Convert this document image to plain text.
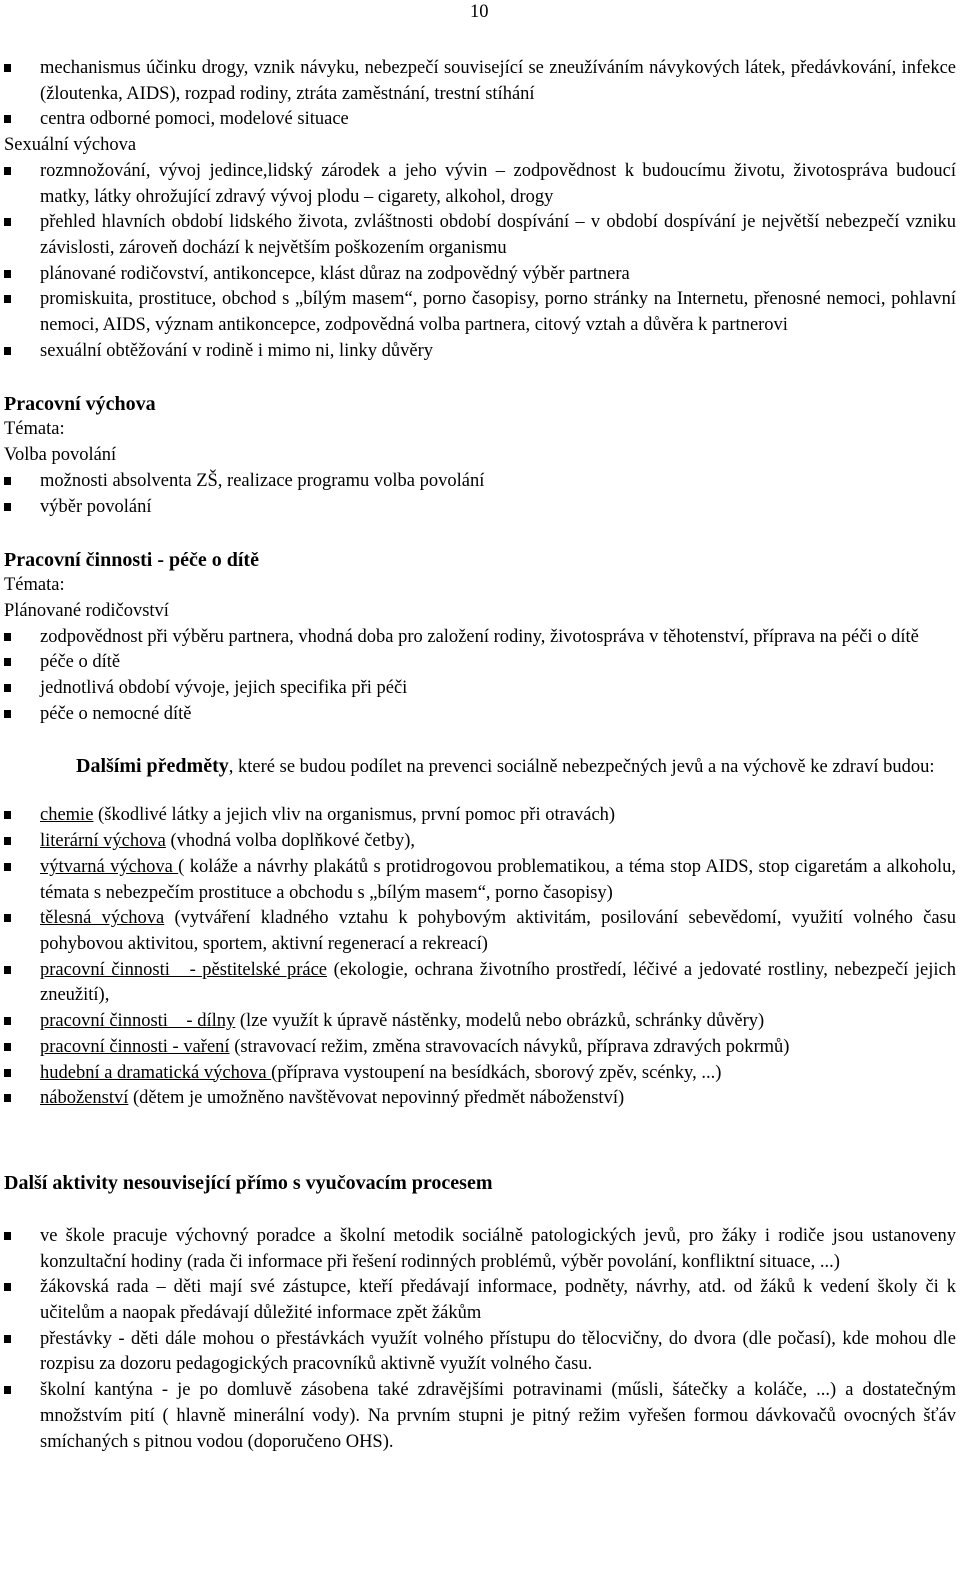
10
mechanismus účinku drogy, vznik návyku, nebezpečí související se zneužíváním návykových látek, předávkování, infekce (žloutenka, AIDS), rozpad rodiny, ztráta zaměstnání, trestní stíhání
centra odborné pomoci, modelové situace
Sexuální výchova
rozmnožování, vývoj jedince,lidský zárodek a jeho vývin – zodpovědnost k budoucímu životu, životospráva budoucí matky, látky ohrožující zdravý vývoj plodu – cigarety, alkohol, drogy
přehled hlavních období lidského života, zvláštnosti období dospívání – v období dospívání je největší nebezpečí vzniku závislosti, zároveň dochází k největším poškozením organismu
plánované rodičovství, antikoncepce, klást důraz na zodpovědný výběr partnera
promiskuita, prostituce, obchod s „bílým masem“, porno časopisy, porno stránky na Internetu, přenosné nemoci, pohlavní nemoci, AIDS, význam antikoncepce, zodpovědná volba partnera, citový vztah a důvěra k partnerovi
sexuální obtěžování v rodině i mimo ni, linky důvěry
Pracovní výchova
Témata:
Volba povolání
možnosti absolventa ZŠ, realizace programu volba povolání
výběr povolání
Pracovní činnosti - péče o dítě
Témata:
Plánované rodičovství
zodpovědnost při výběru partnera, vhodná doba pro založení rodiny, životospráva v těhotenství, příprava na péči o dítě
péče o dítě
jednotlivá období vývoje, jejich specifika při péči
péče o nemocné dítě
Dalšími předměty, které se budou podílet na prevenci sociálně nebezpečných jevů a na výchově ke zdraví budou:
chemie (škodlivé látky a jejich vliv na organismus, první pomoc při otravách)
literární výchova (vhodná volba doplňkové četby),
výtvarná výchova ( koláže a návrhy plakátů s protidrogovou problematikou, a téma stop AIDS, stop cigaretám a alkoholu, témata s nebezpečím prostituce a obchodu s „bílým masem“, porno časopisy)
tělesná výchova (vytváření kladného vztahu k pohybovým aktivitám, posilování sebevědomí, využití volného času pohybovou aktivitou, sportem, aktivní regenerací a rekreací)
pracovní činnosti   - pěstitelské práce (ekologie, ochrana životního prostředí, léčivé a jedovaté rostliny, nebezpečí jejich zneužití),
pracovní činnosti    - dílny (lze využít k úpravě nástěnky, modelů nebo obrázků, schránky důvěry)
pracovní činnosti - vaření (stravovací režim, změna stravovacích návyků, příprava zdravých pokrmů)
hudební a dramatická výchova (příprava vystoupení na besídkách, sborový zpěv, scénky, ...)
náboženství (dětem je umožněno navštěvovat nepovinný předmět náboženství)
Další aktivity nesouvisející přímo s vyučovacím procesem
ve škole pracuje výchovný poradce a školní metodik sociálně patologických jevů, pro žáky i rodiče jsou ustanoveny konzultační hodiny (rada či informace při řešení rodinných problémů, výběr povolání, konfliktní situace, ...)
žákovská rada – děti mají své zástupce, kteří předávají informace, podněty, návrhy, atd. od žáků k vedení školy či k učitelům a naopak předávají důležité informace zpět žákům
přestávky - děti dále mohou o přestávkách využít volného přístupu do tělocvičny, do dvora (dle počasí), kde mohou dle rozpisu za dozoru pedagogických pracovníků aktivně využít volného času.
školní kantýna - je po domluvě zásobena také zdravějšími potravinami (műsli, šátečky a koláče, ...) a dostatečným množstvím pití ( hlavně minerální vody). Na prvním stupni je pitný režim vyřešen formou dávkovačů ovocných šťáv smíchaných s pitnou vodou (doporučeno OHS).
